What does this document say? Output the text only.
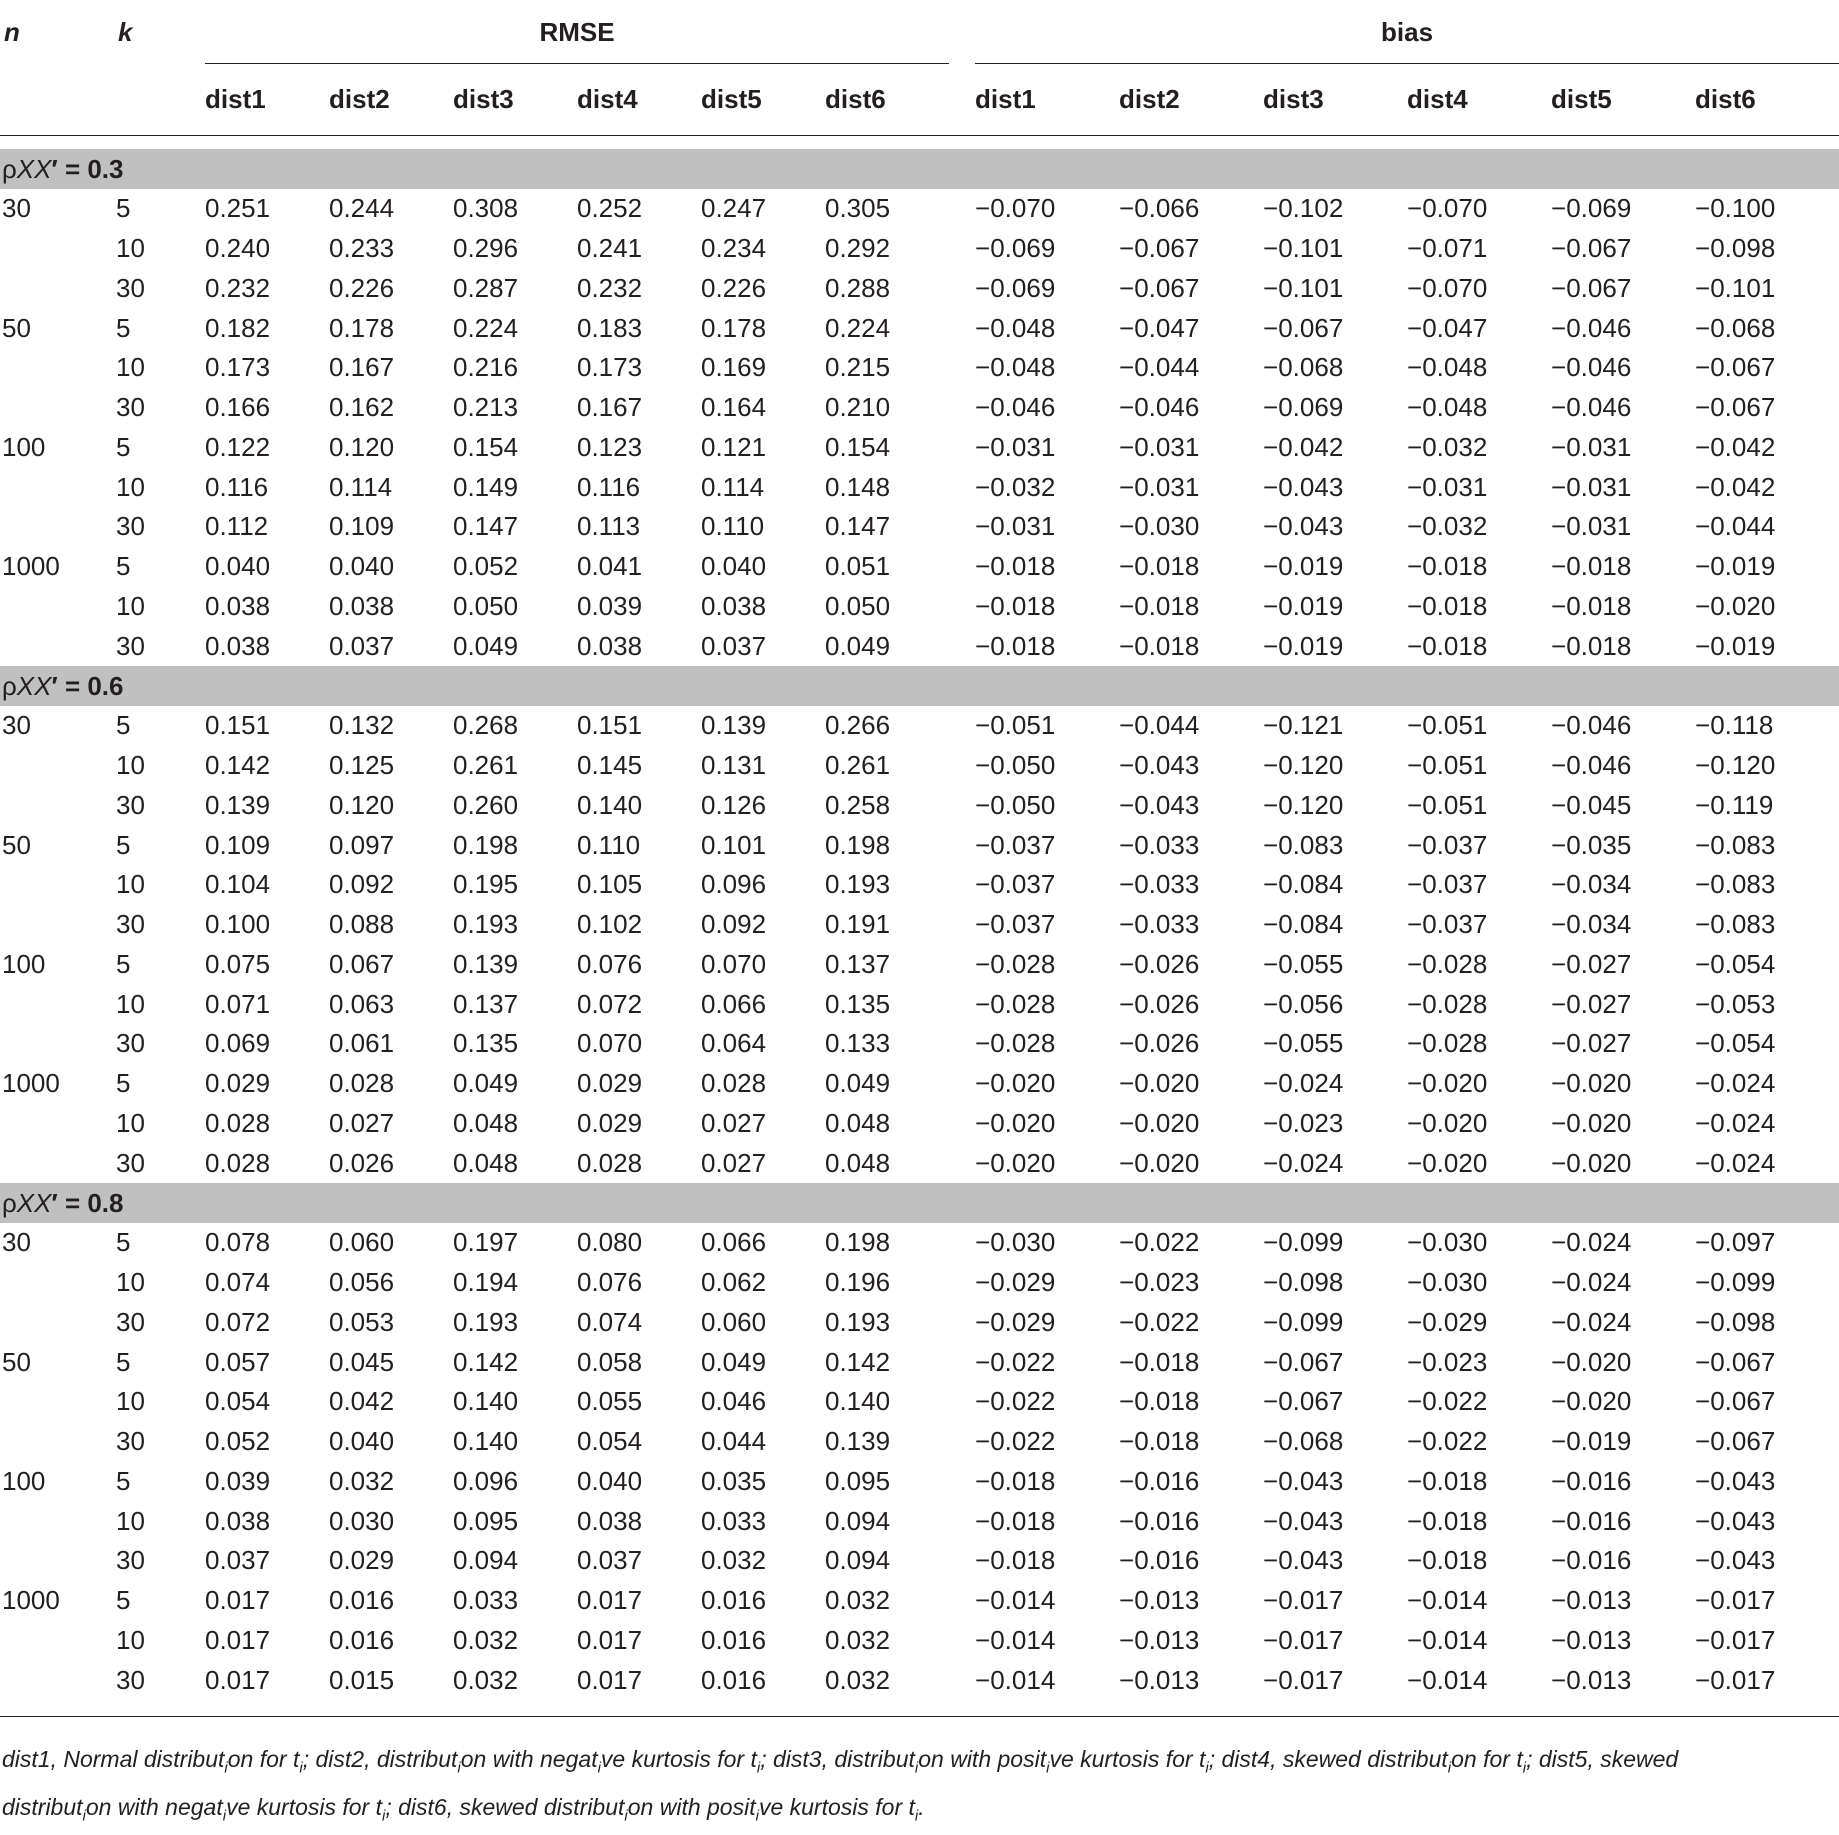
n	k	RMSE							bias					

		dist1	dist2	dist3	dist4	dist5	dist6		dist1	dist2	dist3	dist4	dist5	dist6

ρXX′ = 0.3														
30	5	0.251	0.244	0.308	0.252	0.247	0.305		−0.070	−0.066	−0.102	−0.070	−0.069	−0.100
	10	0.240	0.233	0.296	0.241	0.234	0.292		−0.069	−0.067	−0.101	−0.071	−0.067	−0.098
	30	0.232	0.226	0.287	0.232	0.226	0.288		−0.069	−0.067	−0.101	−0.070	−0.067	−0.101
50	5	0.182	0.178	0.224	0.183	0.178	0.224		−0.048	−0.047	−0.067	−0.047	−0.046	−0.068
	10	0.173	0.167	0.216	0.173	0.169	0.215		−0.048	−0.044	−0.068	−0.048	−0.046	−0.067
	30	0.166	0.162	0.213	0.167	0.164	0.210		−0.046	−0.046	−0.069	−0.048	−0.046	−0.067
100	5	0.122	0.120	0.154	0.123	0.121	0.154		−0.031	−0.031	−0.042	−0.032	−0.031	−0.042
	10	0.116	0.114	0.149	0.116	0.114	0.148		−0.032	−0.031	−0.043	−0.031	−0.031	−0.042
	30	0.112	0.109	0.147	0.113	0.110	0.147		−0.031	−0.030	−0.043	−0.032	−0.031	−0.044
1000	5	0.040	0.040	0.052	0.041	0.040	0.051		−0.018	−0.018	−0.019	−0.018	−0.018	−0.019
	10	0.038	0.038	0.050	0.039	0.038	0.050		−0.018	−0.018	−0.019	−0.018	−0.018	−0.020
	30	0.038	0.037	0.049	0.038	0.037	0.049		−0.018	−0.018	−0.019	−0.018	−0.018	−0.019
ρXX′ = 0.6														
30	5	0.151	0.132	0.268	0.151	0.139	0.266		−0.051	−0.044	−0.121	−0.051	−0.046	−0.118
	10	0.142	0.125	0.261	0.145	0.131	0.261		−0.050	−0.043	−0.120	−0.051	−0.046	−0.120
	30	0.139	0.120	0.260	0.140	0.126	0.258		−0.050	−0.043	−0.120	−0.051	−0.045	−0.119
50	5	0.109	0.097	0.198	0.110	0.101	0.198		−0.037	−0.033	−0.083	−0.037	−0.035	−0.083
	10	0.104	0.092	0.195	0.105	0.096	0.193		−0.037	−0.033	−0.084	−0.037	−0.034	−0.083
	30	0.100	0.088	0.193	0.102	0.092	0.191		−0.037	−0.033	−0.084	−0.037	−0.034	−0.083
100	5	0.075	0.067	0.139	0.076	0.070	0.137		−0.028	−0.026	−0.055	−0.028	−0.027	−0.054
	10	0.071	0.063	0.137	0.072	0.066	0.135		−0.028	−0.026	−0.056	−0.028	−0.027	−0.053
	30	0.069	0.061	0.135	0.070	0.064	0.133		−0.028	−0.026	−0.055	−0.028	−0.027	−0.054
1000	5	0.029	0.028	0.049	0.029	0.028	0.049		−0.020	−0.020	−0.024	−0.020	−0.020	−0.024
	10	0.028	0.027	0.048	0.029	0.027	0.048		−0.020	−0.020	−0.023	−0.020	−0.020	−0.024
	30	0.028	0.026	0.048	0.028	0.027	0.048		−0.020	−0.020	−0.024	−0.020	−0.020	−0.024
ρXX′ = 0.8														
30	5	0.078	0.060	0.197	0.080	0.066	0.198		−0.030	−0.022	−0.099	−0.030	−0.024	−0.097
	10	0.074	0.056	0.194	0.076	0.062	0.196		−0.029	−0.023	−0.098	−0.030	−0.024	−0.099
	30	0.072	0.053	0.193	0.074	0.060	0.193		−0.029	−0.022	−0.099	−0.029	−0.024	−0.098
50	5	0.057	0.045	0.142	0.058	0.049	0.142		−0.022	−0.018	−0.067	−0.023	−0.020	−0.067
	10	0.054	0.042	0.140	0.055	0.046	0.140		−0.022	−0.018	−0.067	−0.022	−0.020	−0.067
	30	0.052	0.040	0.140	0.054	0.044	0.139		−0.022	−0.018	−0.068	−0.022	−0.019	−0.067
100	5	0.039	0.032	0.096	0.040	0.035	0.095		−0.018	−0.016	−0.043	−0.018	−0.016	−0.043
	10	0.038	0.030	0.095	0.038	0.033	0.094		−0.018	−0.016	−0.043	−0.018	−0.016	−0.043
	30	0.037	0.029	0.094	0.037	0.032	0.094		−0.018	−0.016	−0.043	−0.018	−0.016	−0.043
1000	5	0.017	0.016	0.033	0.017	0.016	0.032		−0.014	−0.013	−0.017	−0.014	−0.013	−0.017
	10	0.017	0.016	0.032	0.017	0.016	0.032		−0.014	−0.013	−0.017	−0.014	−0.013	−0.017
	30	0.017	0.015	0.032	0.017	0.016	0.032		−0.014	−0.013	−0.017	−0.014	−0.013	−0.017

dist1, Normal distribut$_i$on for $t_i$; dist2, distribut$_i$on with negat$_i$ve kurtosis for $t_i$; dist3, distribut$_i$on with posit$_i$ve kurtosis for $t_i$; dist4, skewed distribut$_i$on for $t_i$; dist5, skewed distribut$_i$on with negat$_i$ve kurtosis for $t_i$; dist6, skewed distribut$_i$on with posit$_i$ve kurtosis for $t_i$.
